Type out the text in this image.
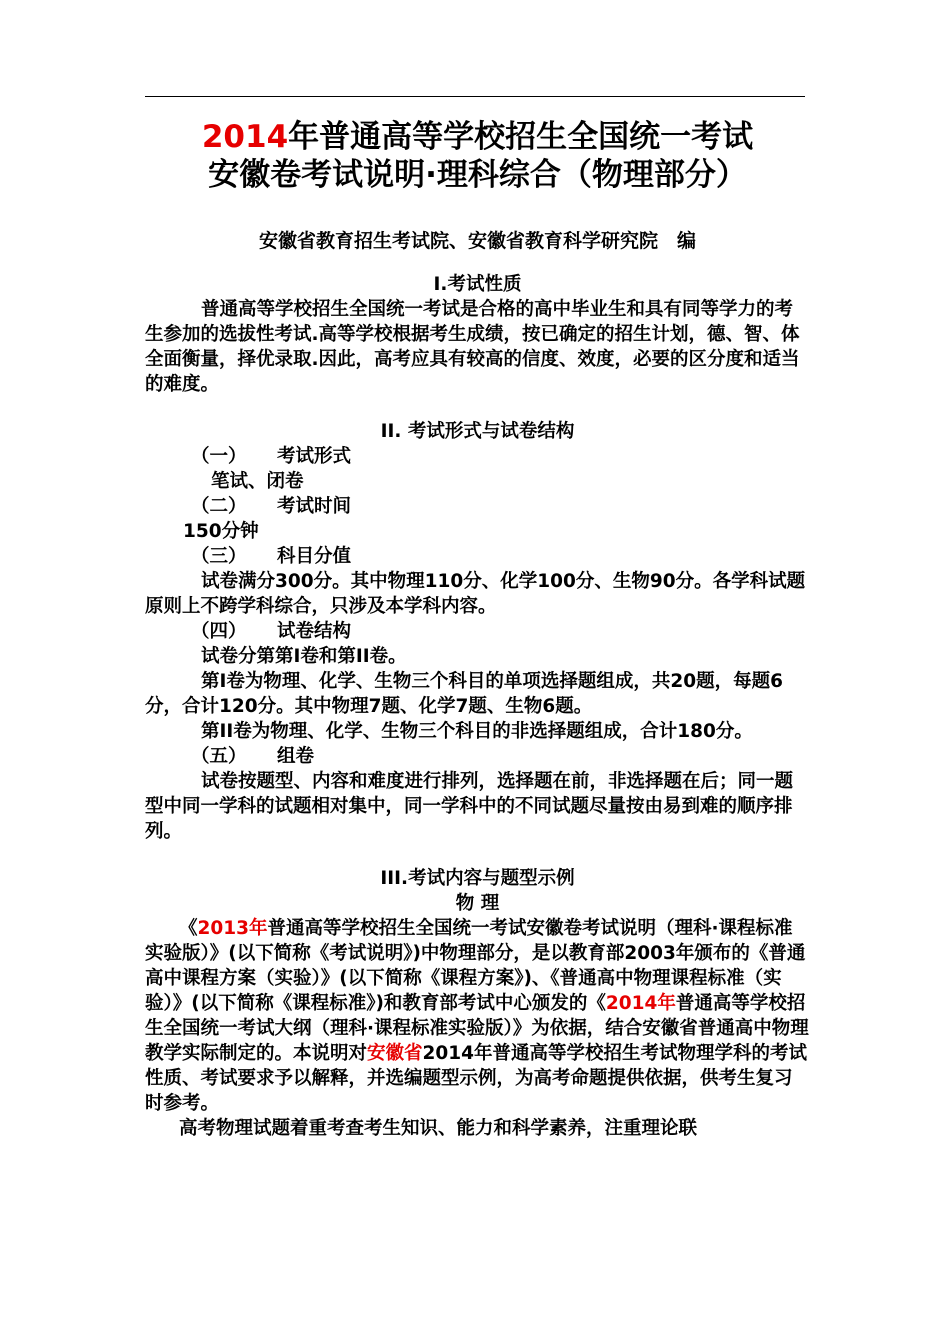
2014年普通高等学校招生全国统一考试
安徽卷考试说明·理科综合（物理部分）
安徽省教育招生考试院、安徽省教育科学研究院　编

I.考试性质

普通高等学校招生全国统一考试是合格的高中毕业生和具有同等学力的考生参加的选拔性考试.高等学校根据考生成绩，按已确定的招生计划，德、智、体全面衡量，择优录取.因此，高考应具有较高的信度、效度，必要的区分度和适当的难度。

II. 考试形式与试卷结构

（一） 考试形式

笔试、闭卷

（二） 考试时间

150分钟

（三） 科目分值

试卷满分300分。其中物理110分、化学100分、生物90分。各学科试题原则上不跨学科综合，只涉及本学科内容。

（四） 试卷结构

试卷分第第I卷和第II卷。

第I卷为物理、化学、生物三个科目的单项选择题组成，共20题，每题6分，合计120分。其中物理7题、化学7题、生物6题。

第II卷为物理、化学、生物三个科目的非选择题组成，合计180分。

（五） 组卷

试卷按题型、内容和难度进行排列，选择题在前，非选择题在后；同一题型中同一学科的试题相对集中，同一学科中的不同试题尽量按由易到难的顺序排列。

III.考试内容与题型示例

物 理

《2013年普通高等学校招生全国统一考试安徽卷考试说明（理科·课程标准实验版）》(以下简称《考试说明》)中物理部分，是以教育部2003年颁布的《普通高中课程方案（实验）》(以下简称《课程方案》)、《普通高中物理课程标准（实验）》(以下简称《课程标准》)和教育部考试中心颁发的《2014年普通高等学校招生全国统一考试大纲（理科·课程标准实验版）》为依据，结合安徽省普通高中物理教学实际制定的。本说明对安徽省2014年普通高等学校招生考试物理学科的考试性质、考试要求予以解释，并选编题型示例，为高考命题提供依据，供考生复习时参考。

高考物理试题着重考查考生知识、能力和科学素养，注重理论联
